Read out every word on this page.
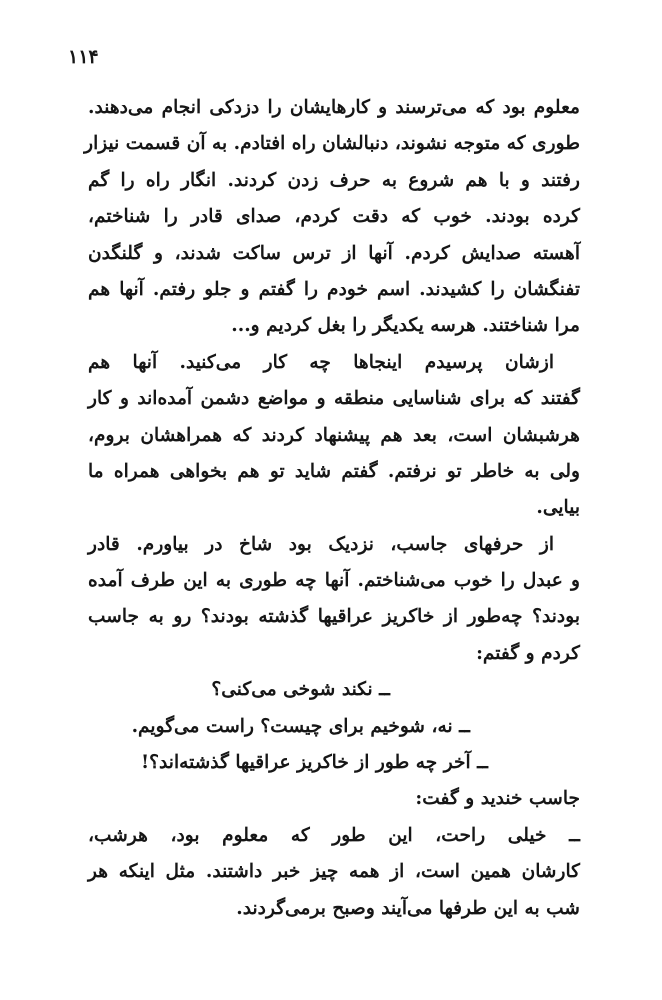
۱۱۴
معلوم بود که می‌ترسند و کارهایشان را دزدکی انجام می‌دهند.
طوری که متوجه نشوند، دنبالشان راه افتادم. به آن قسمت نیزار
رفتند و با هم شروع به حرف زدن کردند. انگار راه را گم
کرده بودند. خوب که دقت کردم، صدای قادر را شناختم،
آهسته صدایش کردم. آنها از ترس ساکت شدند، و گلنگدن
تفنگشان را کشیدند. اسم خودم را گفتم و جلو رفتم. آنها هم
مرا شناختند. هرسه یکدیگر را بغل کردیم و...
ازشان پرسیدم اینجاها چه کار می‌کنید. آنها هم
گفتند که برای شناسایی منطقه و مواضع دشمن آمده‌اند و کار
هرشبشان است، بعد هم پیشنهاد کردند که همراهشان بروم،
ولی به خاطر تو نرفتم. گفتم شاید تو هم بخواهی همراه ما
بیایی.
از حرفهای جاسب، نزدیک بود شاخ در بیاورم. قادر
و عبدل را خوب می‌شناختم. آنها چه طوری به این طرف آمده
بودند؟ چه‌طور از خاکریز عراقیها گذشته بودند؟ رو به جاسب
کردم و گفتم:
ــ نکند شوخی می‌کنی؟
ــ نه، شوخیم برای چیست؟ راست می‌گویم.
ــ آخر چه طور از خاکریز عراقیها گذشته‌اند؟!
جاسب خندید و گفت:
ــ خیلی راحت، این طور که معلوم بود، هرشب،
کارشان همین است، از همه چیز خبر داشتند. مثل اینکه هر
شب به این طرفها می‌آیند وصبح برمی‌گردند.
